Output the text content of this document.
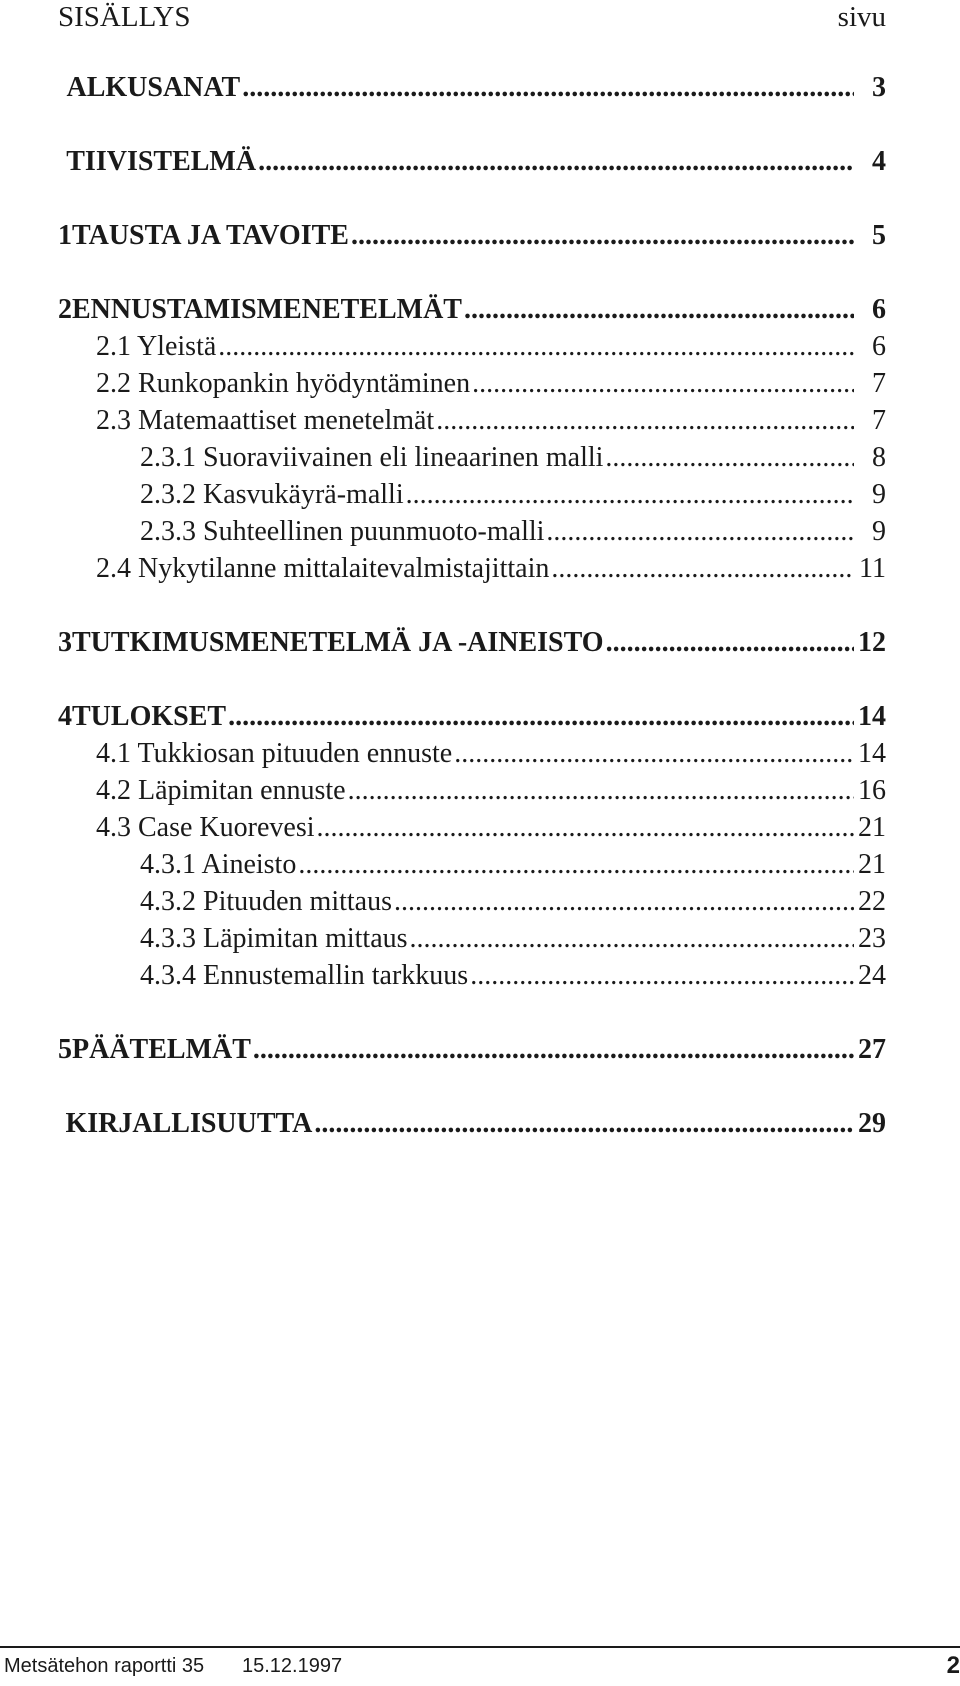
SISÄLLYS	sivu
ALKUSANAT .....	3
TIIVISTELMÄ .....	4
1 TAUSTA JA TAVOITE .....	5
2 ENNUSTAMISMENETELMÄT .....	6
2.1 Yleistä .....	6
2.2 Runkopankin hyödyntäminen .....	7
2.3 Matemaattiset menetelmät .....	7
2.3.1 Suoraviivainen eli lineaarinen malli .....	8
2.3.2 Kasvukäyrä-malli .....	9
2.3.3 Suhteellinen puunmuoto-malli .....	9
2.4 Nykytilanne mittalaitevalmistajittain .....	11
3 TUTKIMUSMENETELMÄ JA -AINEISTO .....	12
4 TULOKSET .....	14
4.1 Tukkiosan pituuden ennuste .....	14
4.2 Läpimitan ennuste .....	16
4.3 Case Kuorevesi .....	21
4.3.1 Aineisto .....	21
4.3.2 Pituuden mittaus .....	22
4.3.3 Läpimitan mittaus .....	23
4.3.4 Ennustemallin tarkkuus .....	24
5 PÄÄTELMÄT .....	27
KIRJALLISUUTTA .....	29
Metsätehon raportti 35	15.12.1997	2
